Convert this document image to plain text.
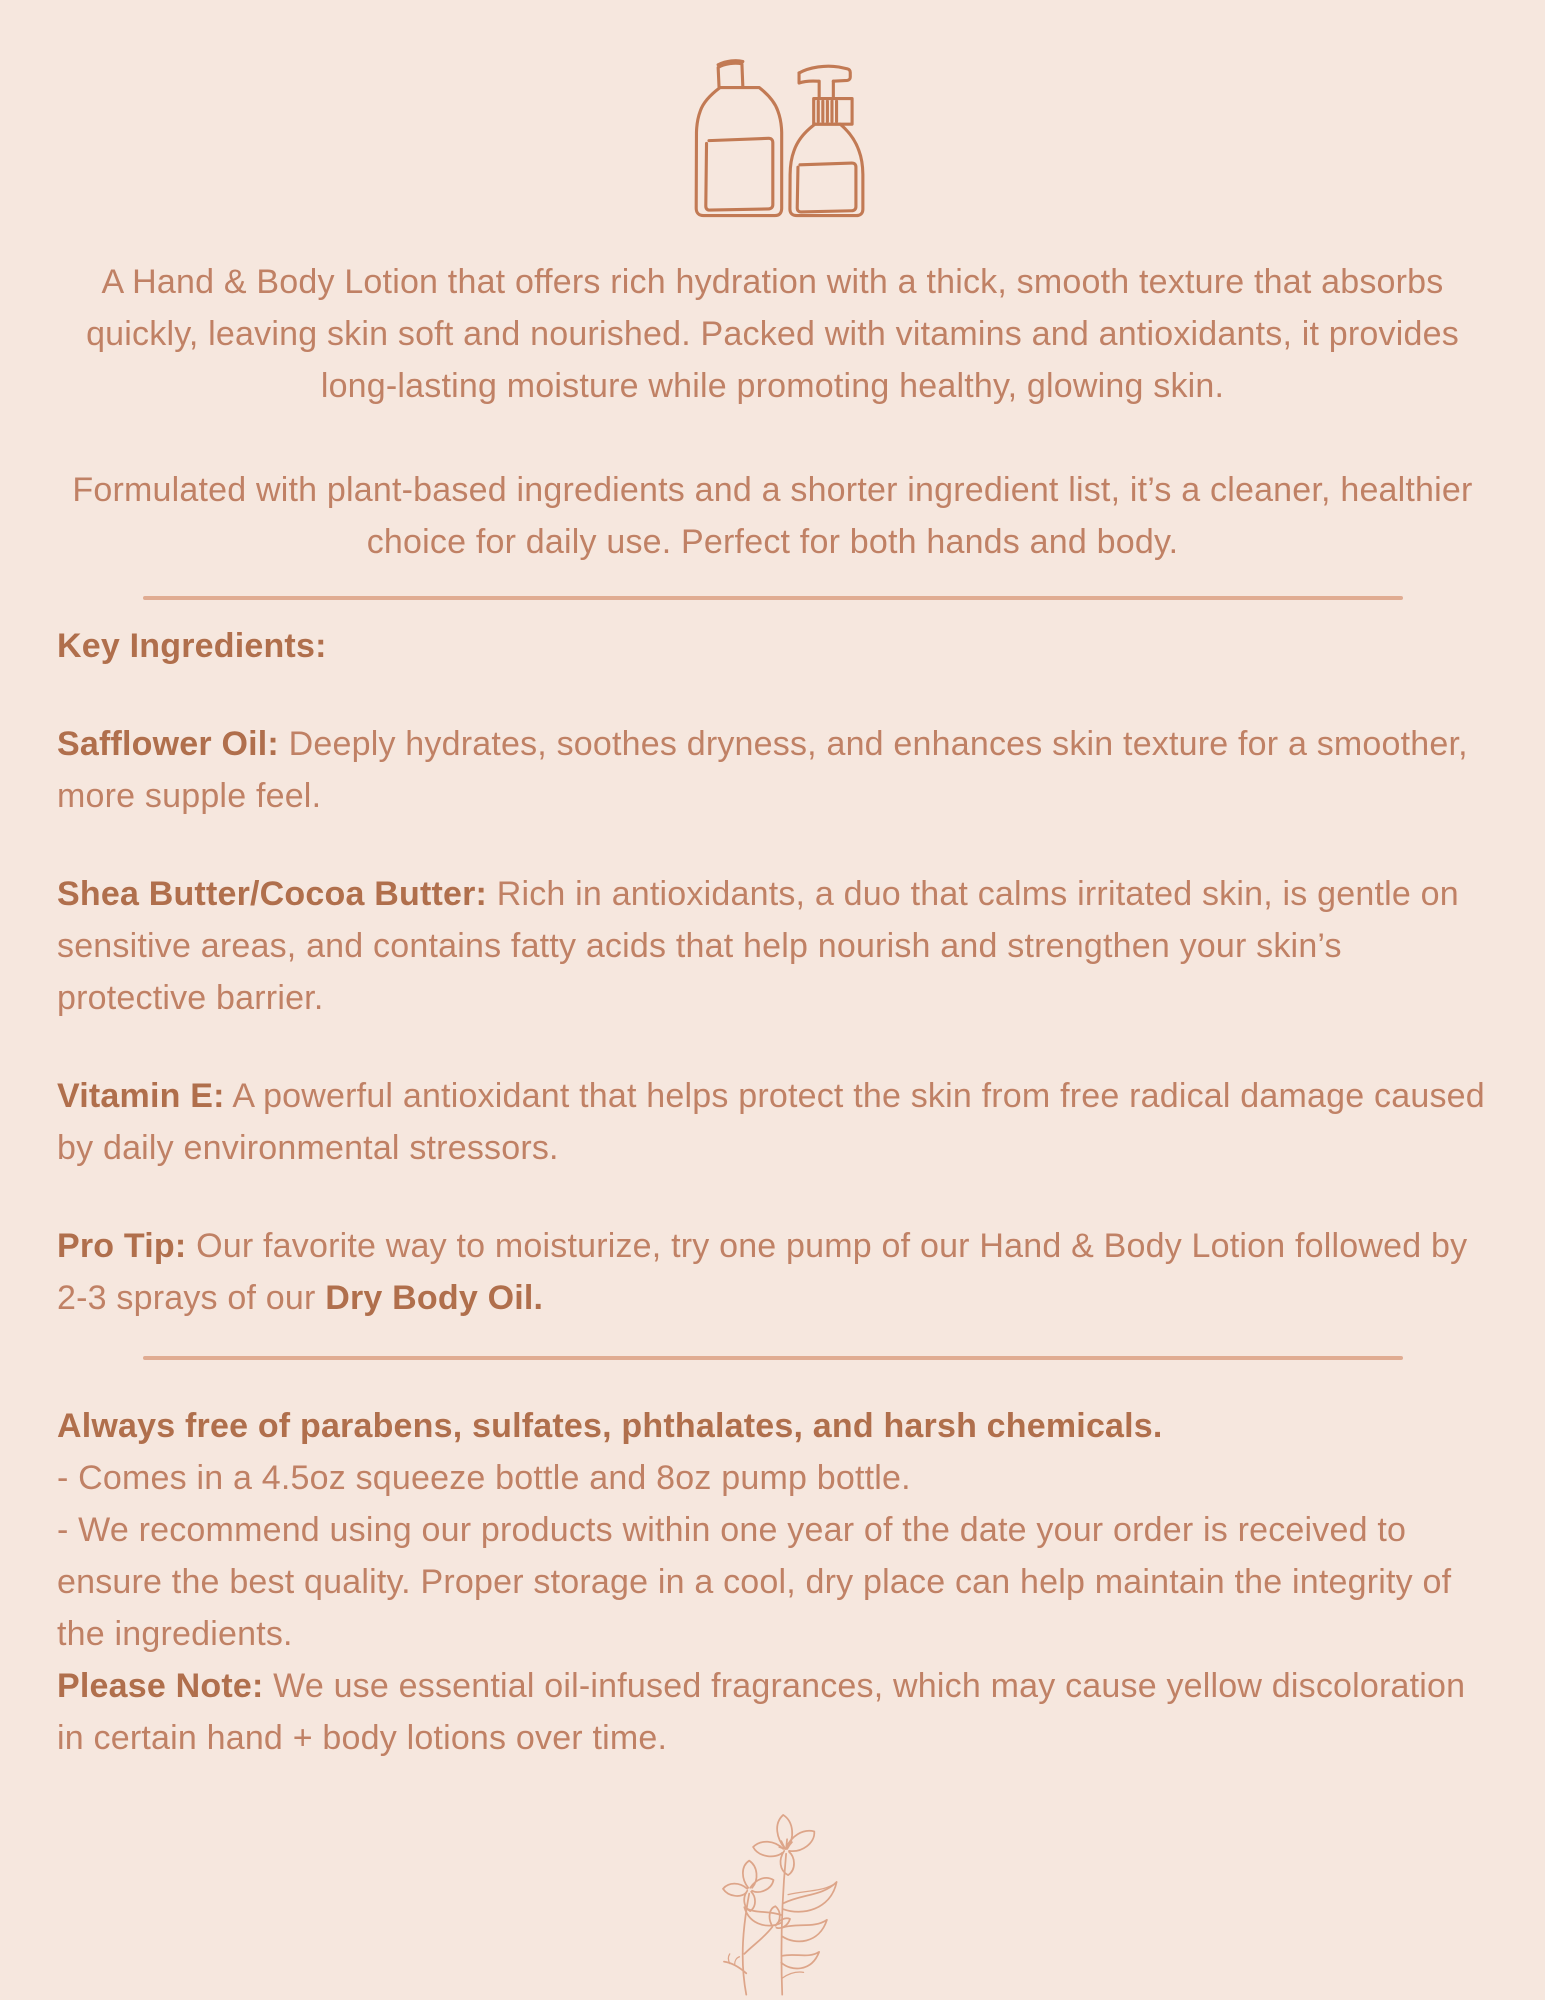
A Hand & Body Lotion that offers rich hydration with a thick, smooth texture that absorbs quickly, leaving skin soft and nourished. Packed with vitamins and antioxidants, it provides long-lasting moisture while promoting healthy, glowing skin.

Formulated with plant-based ingredients and a shorter ingredient list, it’s a cleaner, healthier choice for daily use. Perfect for both hands and body.

Key Ingredients:

Safflower Oil: Deeply hydrates, soothes dryness, and enhances skin texture for a smoother, more supple feel.

Shea Butter/Cocoa Butter: Rich in antioxidants, a duo that calms irritated skin, is gentle on sensitive areas, and contains fatty acids that help nourish and strengthen your skin’s protective barrier.

Vitamin E: A powerful antioxidant that helps protect the skin from free radical damage caused by daily environmental stressors.

Pro Tip: Our favorite way to moisturize, try one pump of our Hand & Body Lotion followed by 2-3 sprays of our Dry Body Oil.

Always free of parabens, sulfates, phthalates, and harsh chemicals.

- Comes in a 4.5oz squeeze bottle and 8oz pump bottle.

- We recommend using our products within one year of the date your order is received to ensure the best quality. Proper storage in a cool, dry place can help maintain the integrity of the ingredients.

Please Note: We use essential oil-infused fragrances, which may cause yellow discoloration in certain hand + body lotions over time.
